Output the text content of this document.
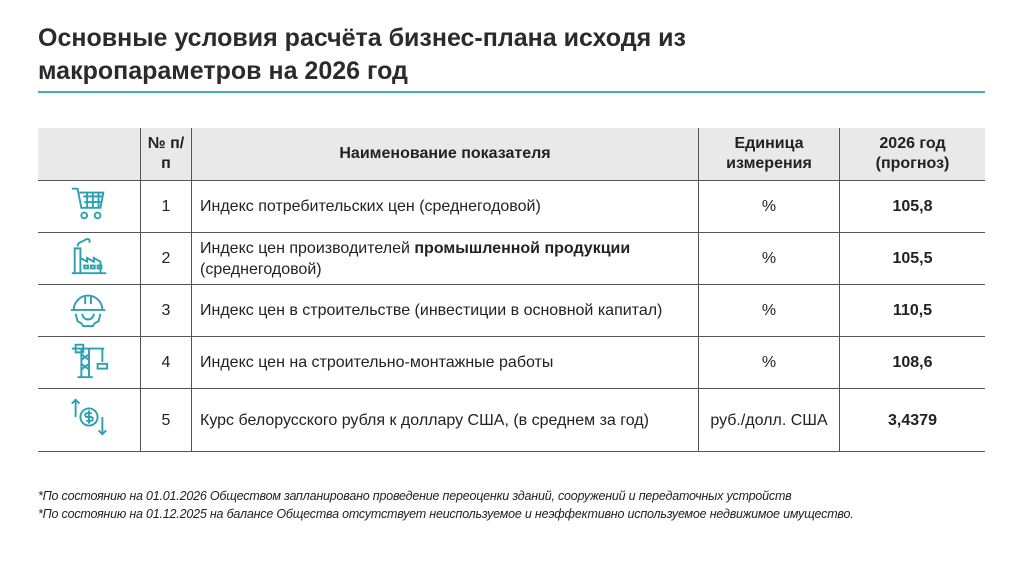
Основные условия расчёта бизнес-плана исходя из макропараметров на 2026 год
	№ п/п	Наименование показателя	Единица измерения	2026 год (прогноз)
	1	Индекс потребительских цен (среднегодовой)	%	105,8
	2	Индекс цен производителей промышленной продукции (среднегодовой)	%	105,5
	3	Индекс цен в строительстве (инвестиции в основной капитал)	%	110,5
	4	Индекс цен на строительно-монтажные работы	%	108,6
	5	Курс белорусского рубля к доллару США, (в среднем за год)	руб./долл. США	3,4379
*По состоянию на 01.01.2026 Обществом запланировано проведение переоценки зданий, сооружений и передаточных устройств
*По состоянию на 01.12.2025 на балансе Общества отсутствует неиспользуемое и неэффективно используемое недвижимое имущество.
